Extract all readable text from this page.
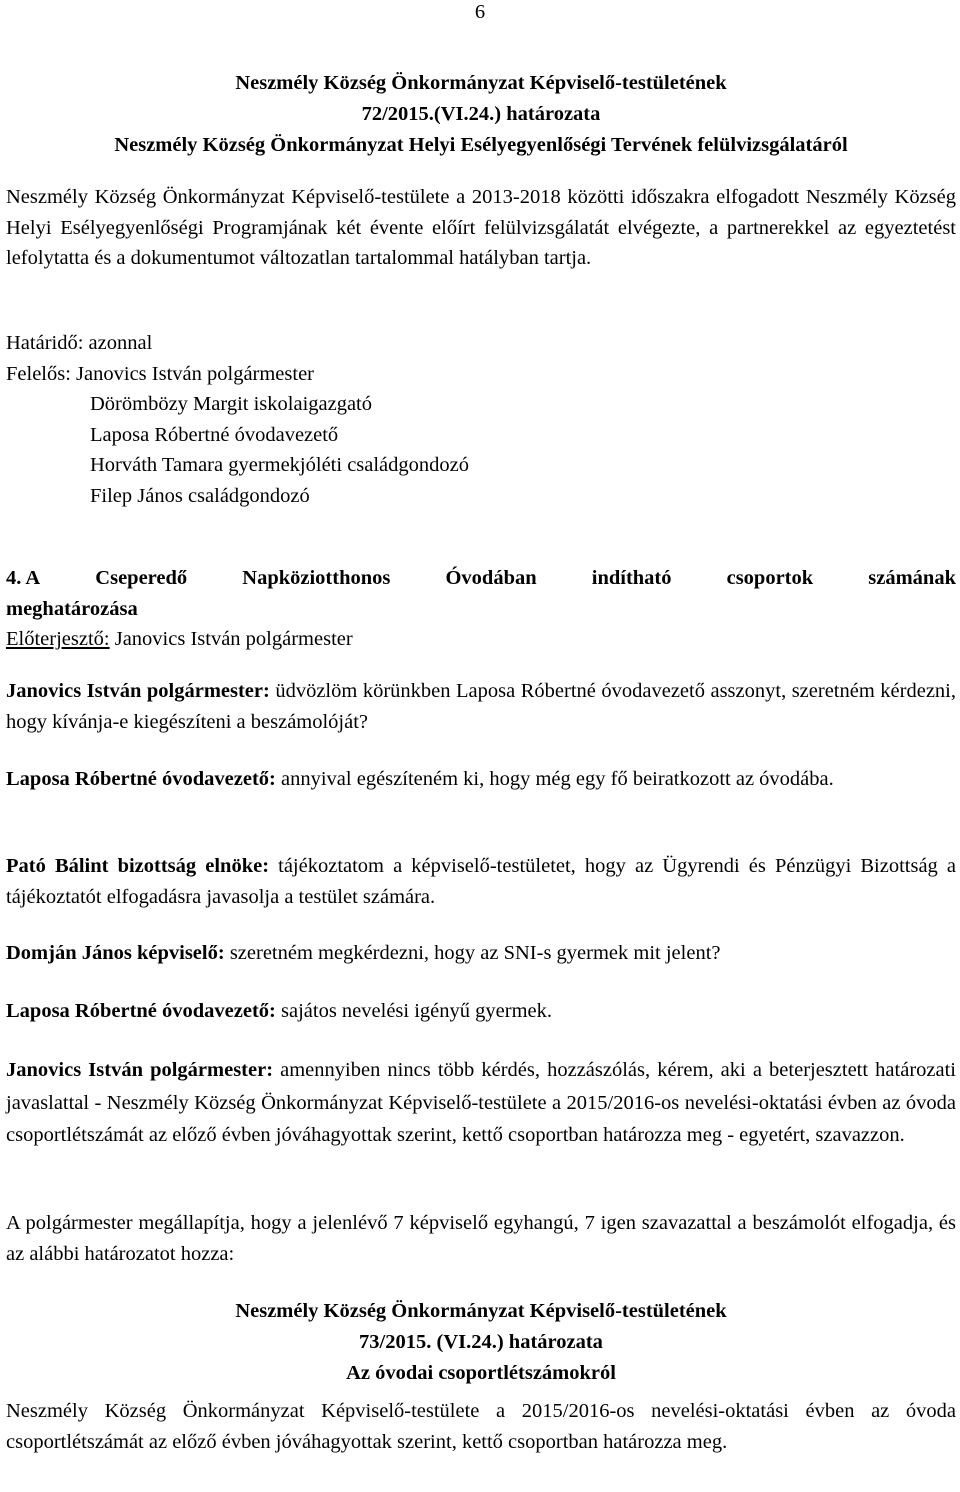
6

Neszmély Község Önkormányzat Képviselő-testületének

72/2015.(VI.24.) határozata

Neszmély Község Önkormányzat Helyi Esélyegyenlőségi Tervének felülvizsgálatáról

Neszmély Község Önkormányzat Képviselő-testülete a 2013-2018 közötti időszakra elfogadott Neszmély Község Helyi Esélyegyenlőségi Programjának két évente előírt felülvizsgálatát elvégezte, a partnerekkel az egyeztetést lefolytatta és a dokumentumot változatlan tartalommal hatályban tartja.

Határidő: azonnal

Felelős: Janovics István polgármester

Dörömbözy Margit iskolaigazgató

Laposa Róbertné óvodavezető

Horváth Tamara gyermekjóléti családgondozó

Filep János családgondozó

4. A	Cseperedő	Napköziotthonos	Óvodában	indítható	csoportok	számának

meghatározása

Előterjesztő: Janovics István polgármester

Janovics István polgármester: üdvözlöm körünkben Laposa Róbertné óvodavezető asszonyt, szeretném kérdezni, hogy kívánja-e kiegészíteni a beszámolóját?

Laposa Róbertné óvodavezető: annyival egészíteném ki, hogy még egy fő beiratkozott az óvodába.

Pató Bálint bizottság elnöke: tájékoztatom a képviselő-testületet, hogy az Ügyrendi és Pénzügyi Bizottság a tájékoztatót elfogadásra javasolja a testület számára.

Domján János képviselő: szeretném megkérdezni, hogy az SNI-s gyermek mit jelent?

Laposa Róbertné óvodavezető: sajátos nevelési igényű gyermek.

Janovics István polgármester: amennyiben nincs több kérdés, hozzászólás, kérem, aki a beterjesztett határozati javaslattal - Neszmély Község Önkormányzat Képviselő-testülete a 2015/2016-os nevelési-oktatási évben az óvoda csoportlétszámát az előző évben jóváhagyottak szerint, kettő csoportban határozza meg - egyetért, szavazzon.

A polgármester megállapítja, hogy a jelenlévő 7 képviselő egyhangú, 7 igen szavazattal a beszámolót elfogadja, és az alábbi határozatot hozza:

Neszmély Község Önkormányzat Képviselő-testületének

73/2015. (VI.24.) határozata

Az óvodai csoportlétszámokról

Neszmély Község Önkormányzat Képviselő-testülete a 2015/2016-os nevelési-oktatási évben az óvoda csoportlétszámát az előző évben jóváhagyottak szerint, kettő csoportban határozza meg.
